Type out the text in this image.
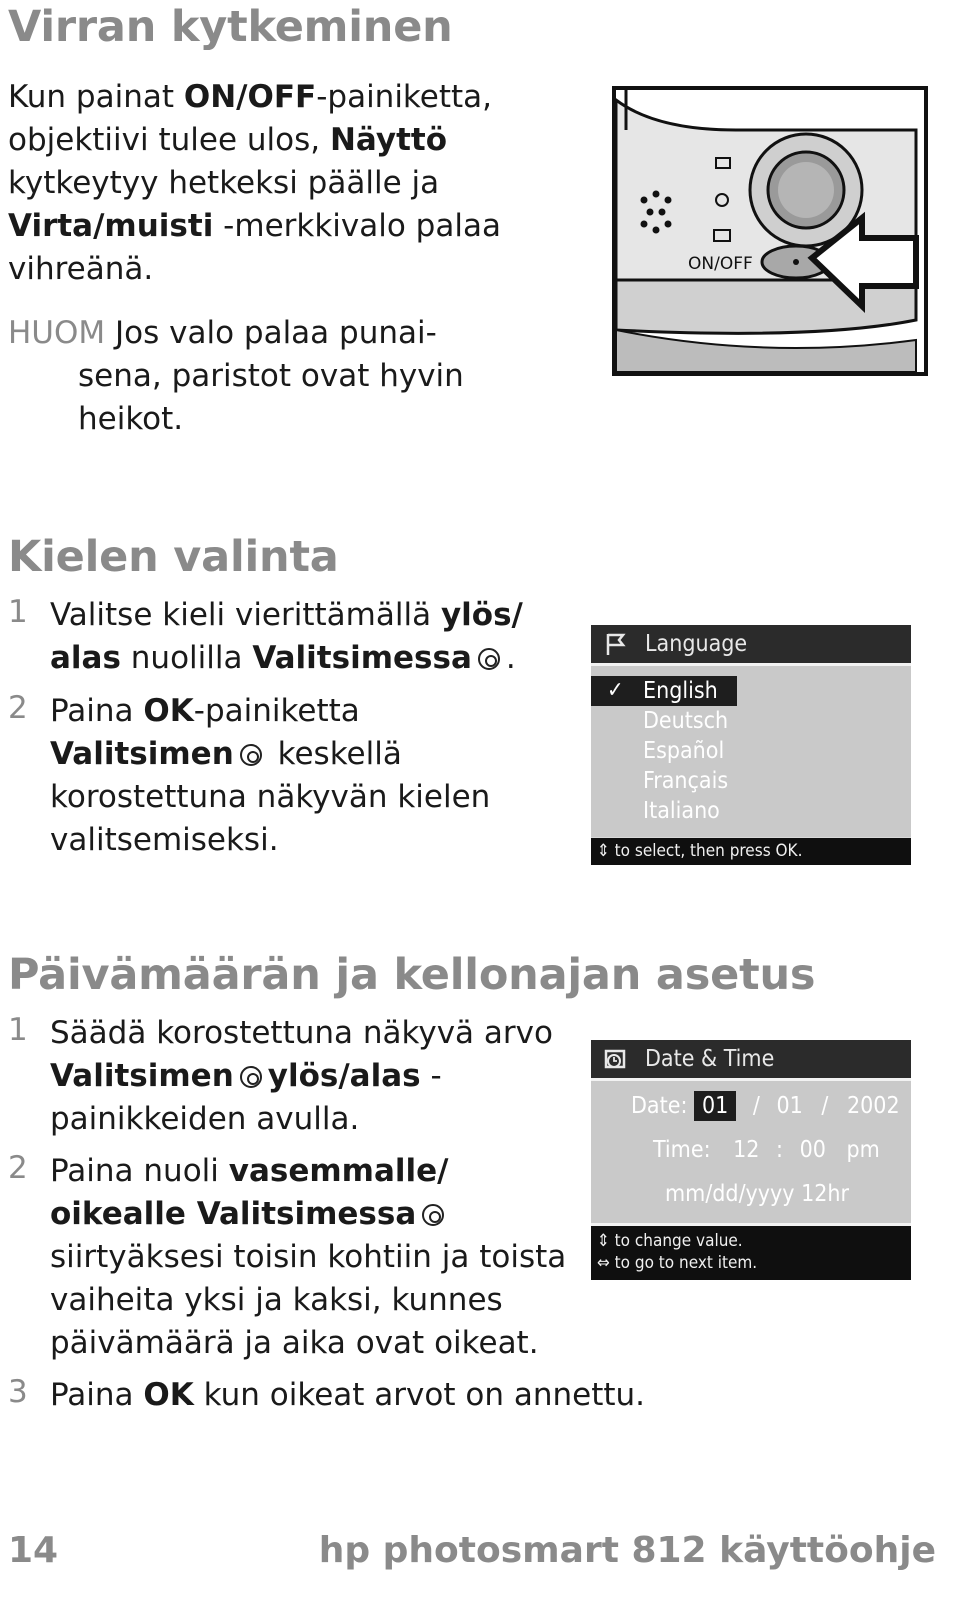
Virran kytkeminen
Kun painat ON/OFF-painiketta,
objektiivi tulee ulos, Näyttö
kytkeytyy hetkeksi päälle ja
Virta/muisti -merkkivalo palaa
vihreänä.
HUOM Jos valo palaa punai-
sena, paristot ovat hyvin
heikot.
ON/OFF
Kielen valinta
1 Valitse kieli vierittämällä ylös/
alas nuolilla Valitsimessa .
2 Paina OK-painiketta
Valitsimen keskellä
korostettuna näkyvän kielen
valitsemiseksi.
Language
✓ English
Deutsch
Español
Français
Italiano
⇕ to select, then press OK.
Päivämäärän ja kellonajan asetus
1 Säädä korostettuna näkyvä arvo
Valitsimen ylös/alas -
painikkeiden avulla.
2 Paina nuoli vasemmalle/
oikealle Valitsimessa
siirtyäksesi toisin kohtiin ja toista
vaiheita yksi ja kaksi, kunnes
päivämäärä ja aika ovat oikeat.
3 Paina OK kun oikeat arvot on annettu.
Date & Time
Date: 01 / 01 / 2002
Time: 12 : 00 pm
mm/dd/yyyy 12hr
⇕ to change value.
⇔ to go to next item.
14	hp photosmart 812 käyttöohje
